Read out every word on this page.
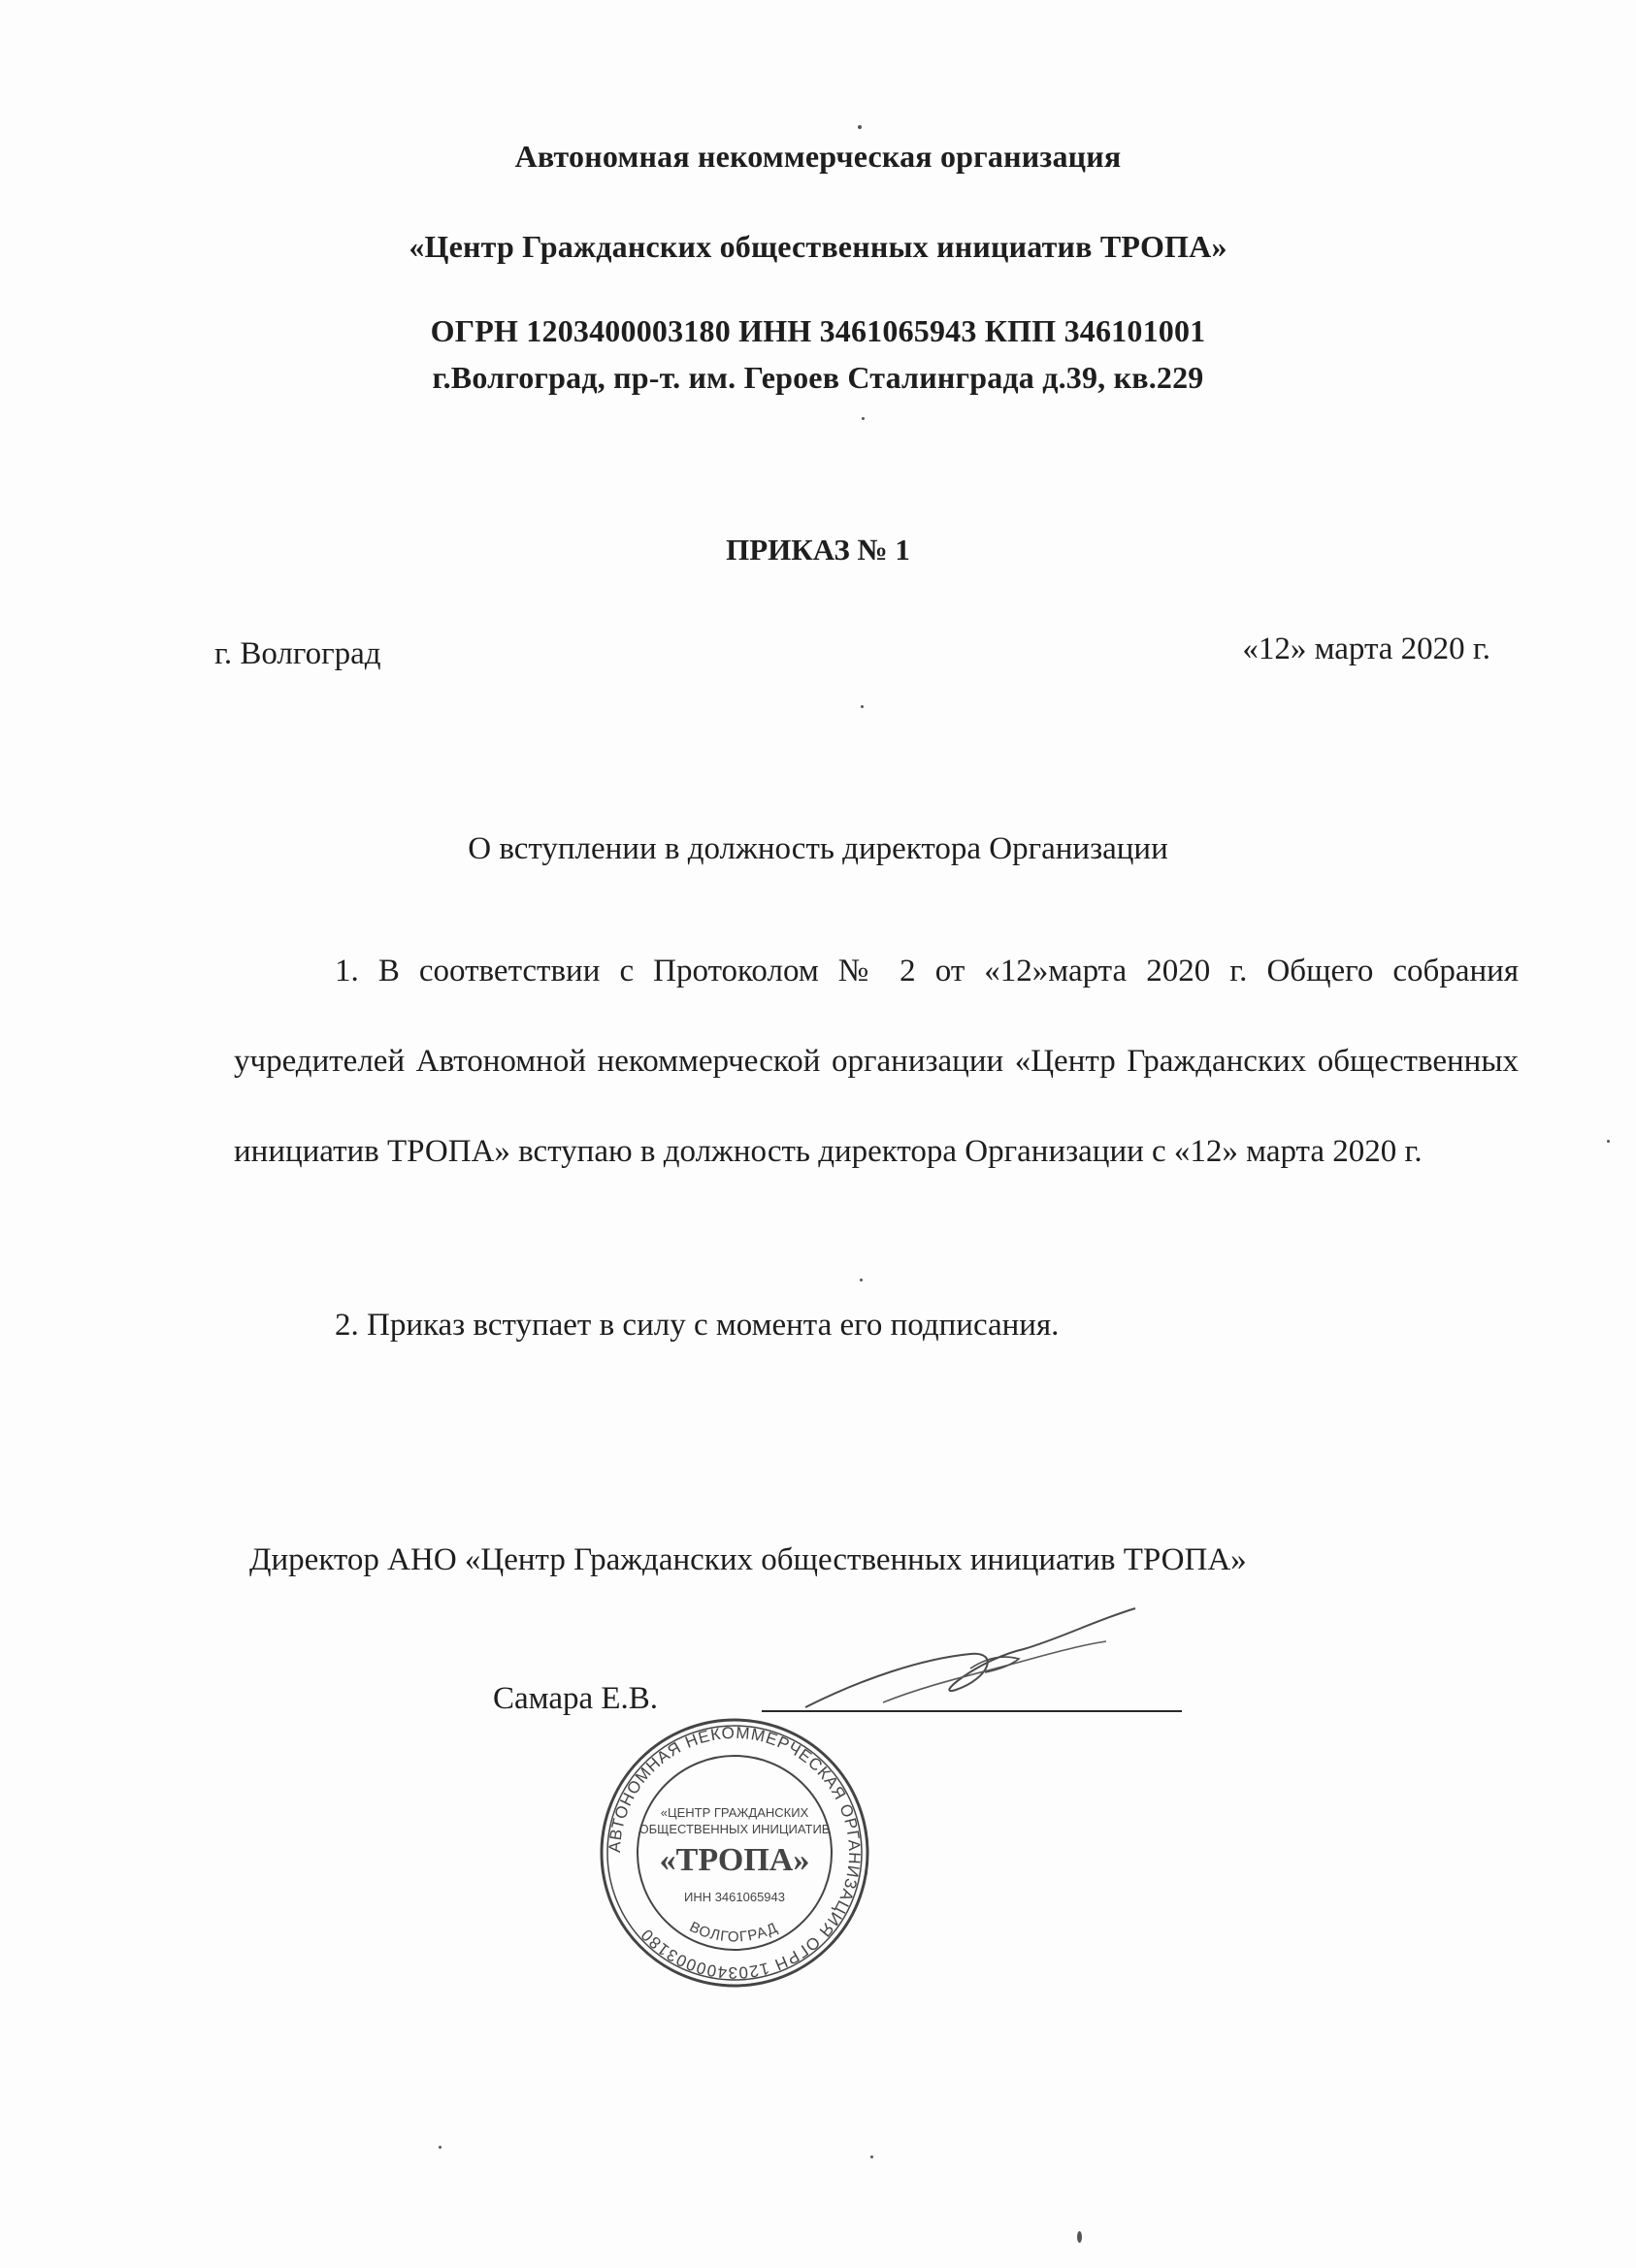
Автономная некоммерческая организация
«Центр Гражданских общественных инициатив ТРОПА»
ОГРН 1203400003180 ИНН 3461065943 КПП 346101001
г.Волгоград, пр-т. им. Героев Сталинграда д.39, кв.229
ПРИКАЗ № 1
г. Волгоград	«12» марта 2020 г.
О вступлении в должность директора Организации
1. В соответствии с Протоколом № 2 от «12»марта 2020 г. Общего собрания учредителей Автономной некоммерческой организации «Центр Гражданских общественных инициатив ТРОПА» вступаю в должность директора Организации с «12» марта 2020 г.
2. Приказ вступает в силу с момента его подписания.
Директор АНО «Центр Гражданских общественных инициатив ТРОПА»
Самара Е.В.
АВТОНОМНАЯ НЕКОММЕРЧЕСКАЯ ОРГАНИЗАЦИЯ ОГРН 1203400003180	ВОЛГОГРАД
«ЦЕНТР ГРАЖДАНСКИХ
ОБЩЕСТВЕННЫХ ИНИЦИАТИВ
«ТРОПА»
ИНН 3461065943
